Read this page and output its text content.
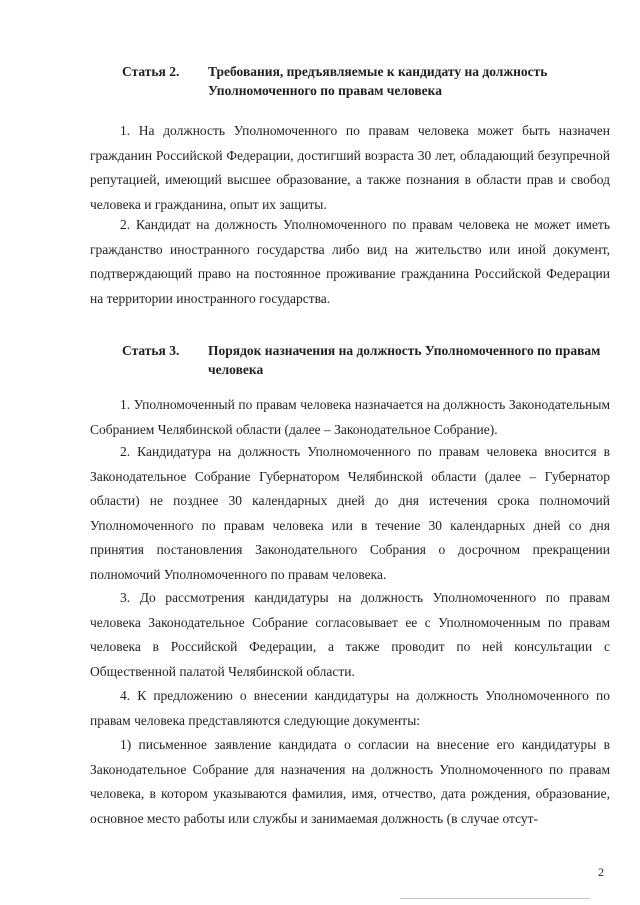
Статья 2. Требования, предъявляемые к кандидату на должность Уполномоченного по правам человека
1. На должность Уполномоченного по правам человека может быть назначен гражданин Российской Федерации, достигший возраста 30 лет, обладающий безупречной репутацией, имеющий высшее образование, а также познания в области прав и свобод человека и гражданина, опыт их защиты.
2. Кандидат на должность Уполномоченного по правам человека не может иметь гражданство иностранного государства либо вид на жительство или иной документ, подтверждающий право на постоянное проживание гражданина Российской Федерации на территории иностранного государства.
Статья 3. Порядок назначения на должность Уполномоченного по правам человека
1. Уполномоченный по правам человека назначается на должность Законодательным Собранием Челябинской области (далее – Законодательное Собрание).
2. Кандидатура на должность Уполномоченного по правам человека вносится в Законодательное Собрание Губернатором Челябинской области (далее – Губернатор области) не позднее 30 календарных дней до дня истечения срока полномочий Уполномоченного по правам человека или в течение 30 календарных дней со дня принятия постановления Законодательного Собрания о досрочном прекращении полномочий Уполномоченного по правам человека.
3. До рассмотрения кандидатуры на должность Уполномоченного по правам человека Законодательное Собрание согласовывает ее с Уполномоченным по правам человека в Российской Федерации, а также проводит по ней консультации с Общественной палатой Челябинской области.
4. К предложению о внесении кандидатуры на должность Уполномоченного по правам человека представляются следующие документы:
1) письменное заявление кандидата о согласии на внесение его кандидатуры в Законодательное Собрание для назначения на должность Уполномоченного по правам человека, в котором указываются фамилия, имя, отчество, дата рождения, образование, основное место работы или службы и занимаемая должность (в случае отсут-
2
